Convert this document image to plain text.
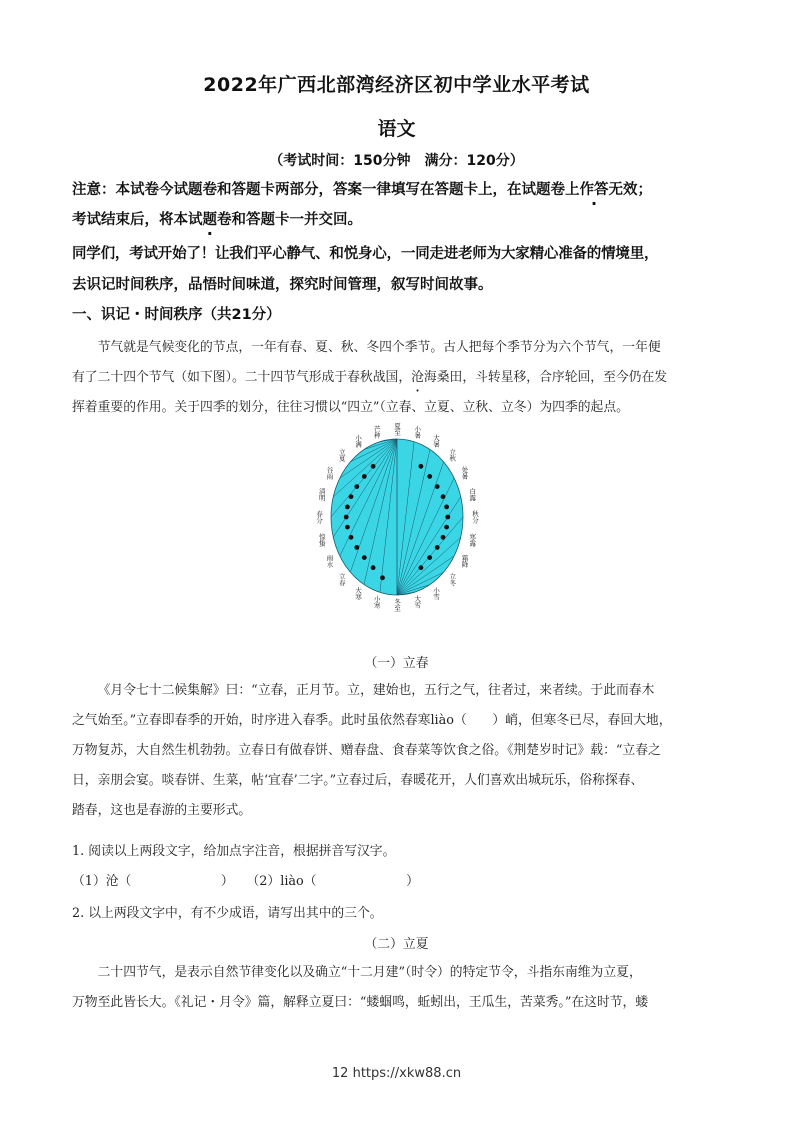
2022年广西北部湾经济区初中学业水平考试
语文
（考试时间：150分钟　满分：120分）
注意：本试卷今试题卷和答题卡两部分，答案一律填写在答题卡上，在试题卷上作答无效 ·；
考试结束后，将本试题卷和答题卡一并交回。
同学们，考试开始了！让我们平心静气、和悦身心，一同走进老师为大家精心准备的情境里，
去识记时间秩序，品悟时间味道，探究时间管理，叙写时间故事。
一、识记・时间秩序（共21分）
节气就是气候变化的节点，一年有春、夏、秋、冬四个季节。古人把每个季节分为六个节气，一年便
有了二十四个节气（如下图）。二十四节气形成于春秋战国，沧海桑田，斗转星移，合序轮回，至今仍在发
挥着重要的作用。关于四季的划分，往往习惯以“四立”（立春、立夏、立秋、立冬）为四季的起点。
夏至 小暑
大暑
立秋
处暑
白露
秋分
寒露
霜降
立冬
小雪
大雪
冬至
小寒
大寒
立春
雨水
惊蛰
春分
清明
谷雨
立夏
小满
芒种
（一）立春
《月令七十二候集解》曰：“立春，正月节。立，建始也，五行之气，往者过，来者续。于此而春木
之气始至。”立春即春季的开始，时序进入春季。此时虽依然春寒liào（　　）峭，但寒冬已尽，春回大地，
万物复苏，大自然生机勃勃。立春日有做春饼、赠春盘、食春菜等饮食之俗。《荆楚岁时记》载：“立春之
日，亲朋会宴。啖春饼、生菜，帖‘宜春’二字。”立春过后，春暖花开，人们喜欢出城玩乐，俗称探春、
踏春，这也是春游的主要形式。
1. 阅读以上两段文字，给加点字注音，根据拼音写汉字。
（1）沧（　　　　　　　）　　（2）liào（　　　　　　　）
2. 以上两段文字中，有不少成语，请写出其中的三个。
（二）立夏
二十四节气，是表示自然节律变化以及确立“十二月建”（时令）的特定节令，斗指东南维为立夏，
万物至此皆长大。《礼记・月令》篇，解释立夏曰：“蝼蝈鸣，蚯蚓出，王瓜生，苦菜秀。”在这时节，蝼
12 https://xkw88.cn
